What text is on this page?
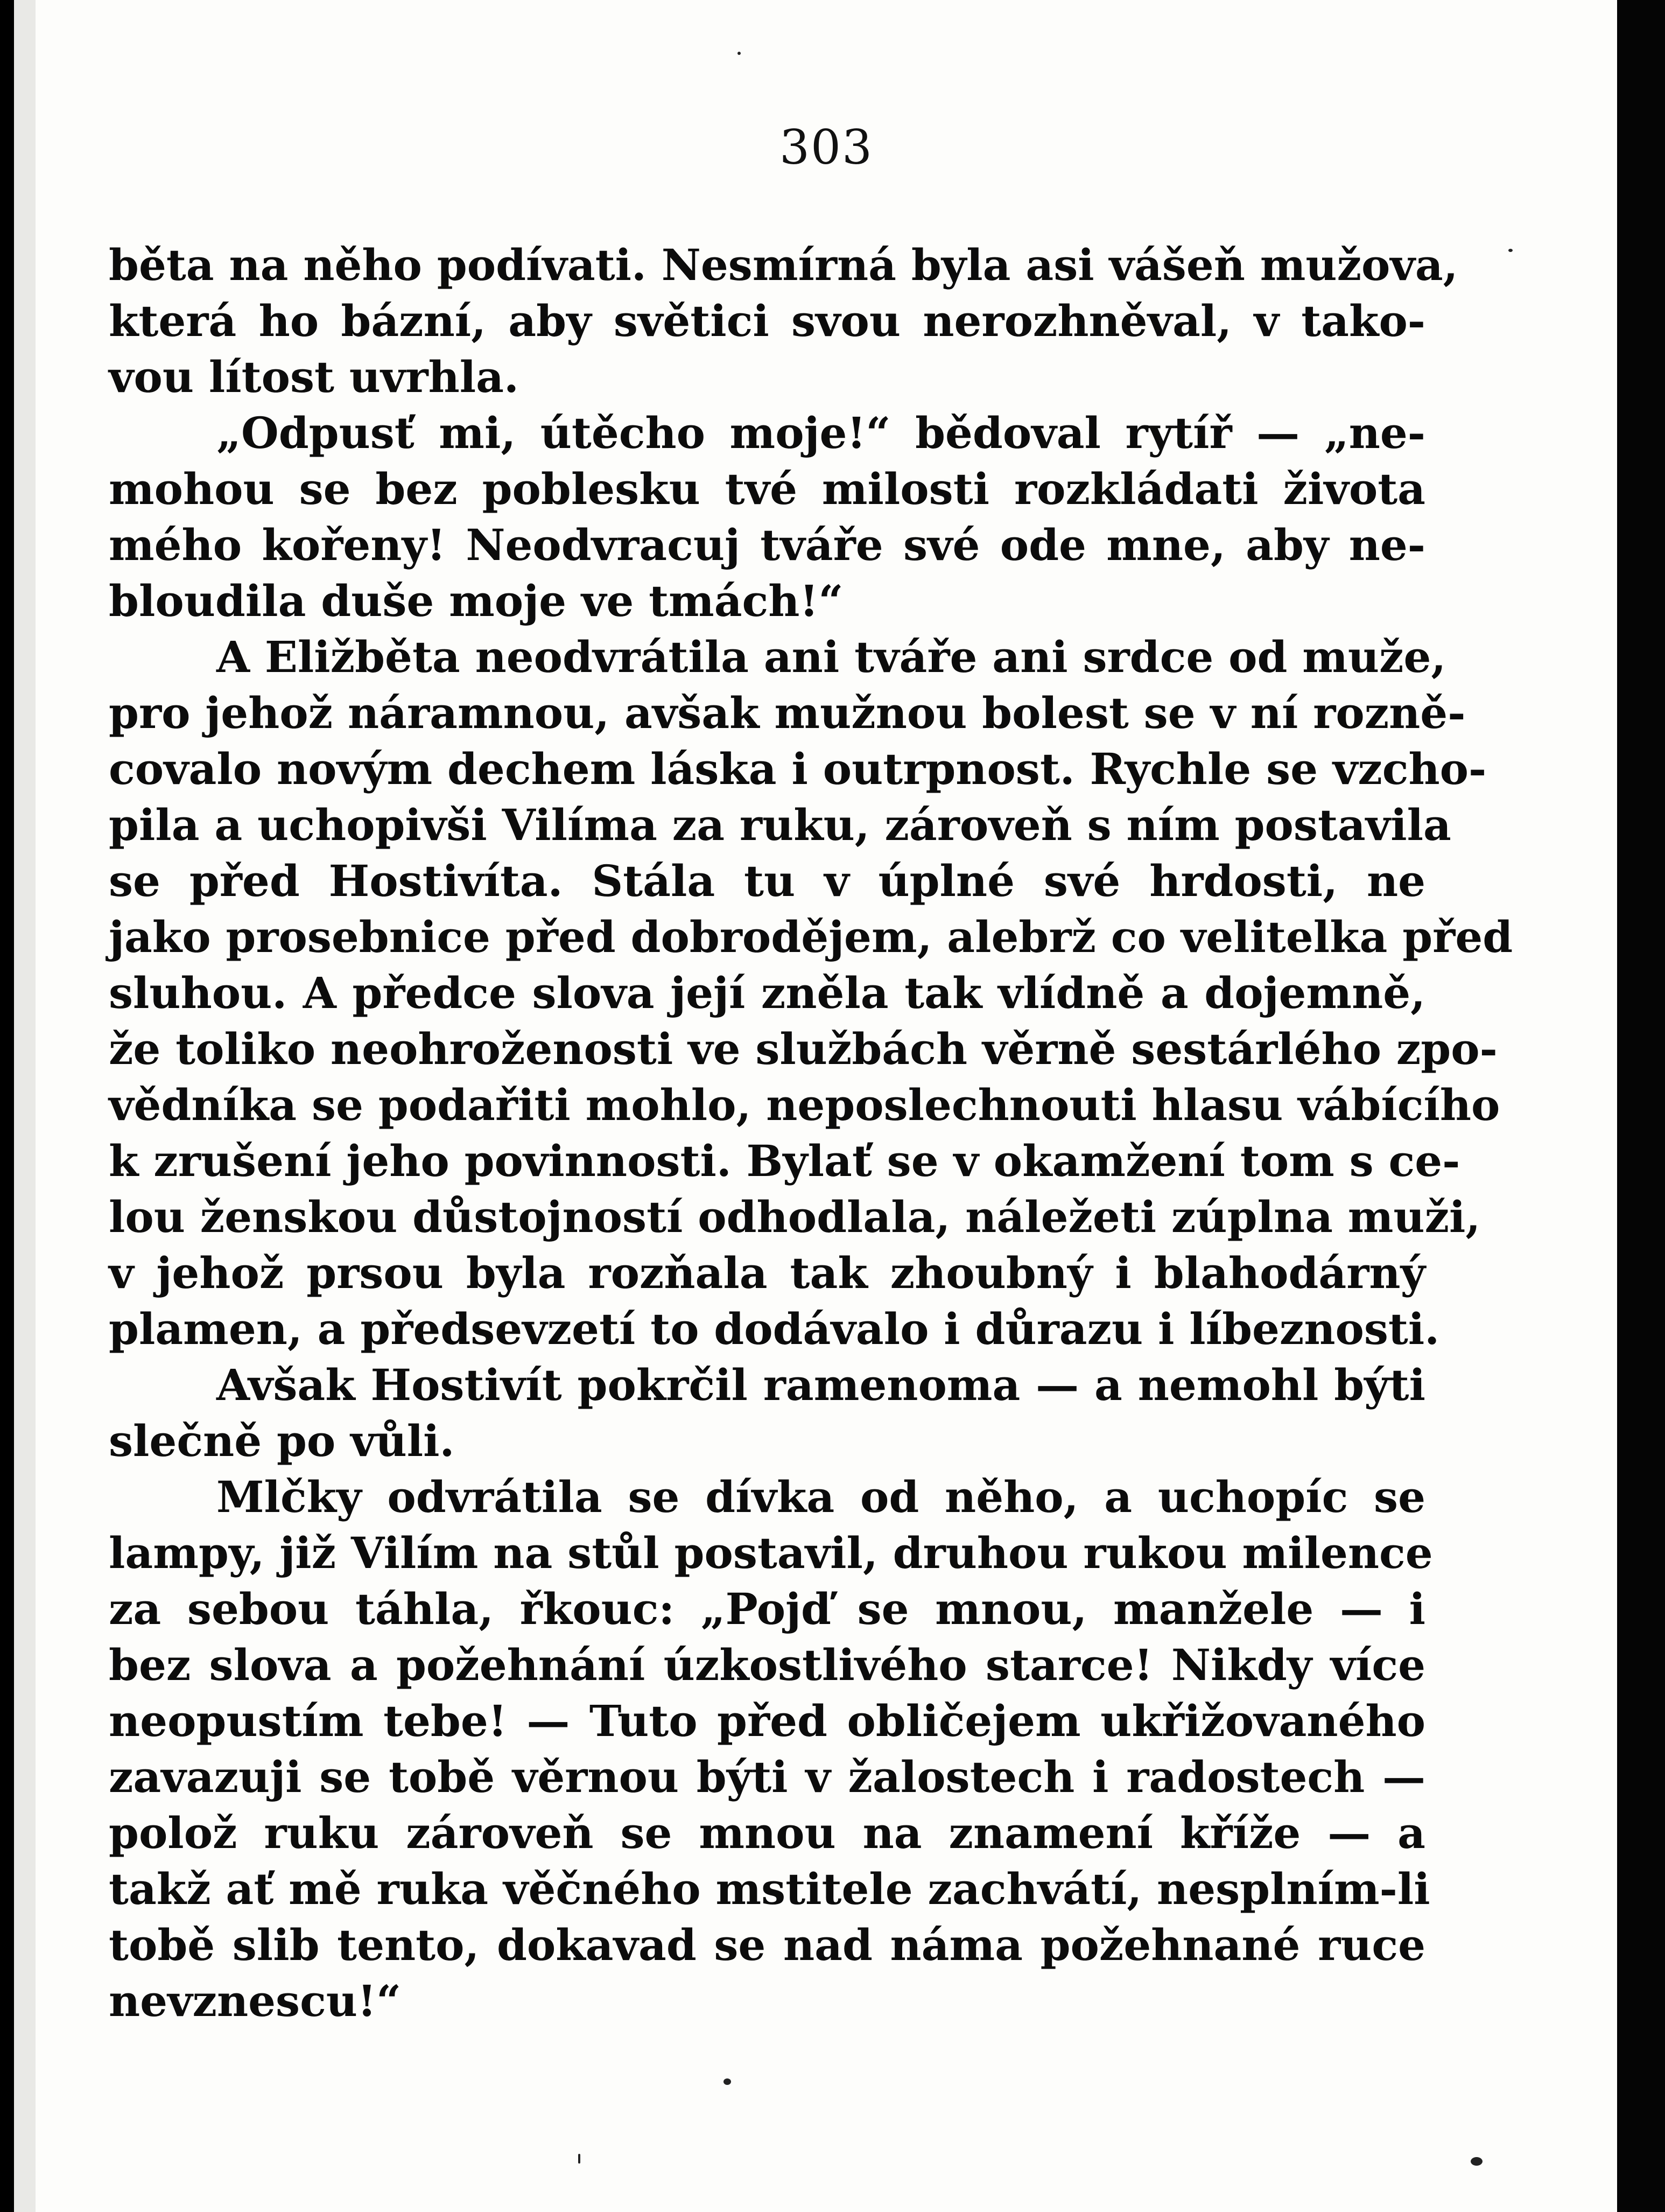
303
běta na něho podívati. Nesmírná byla asi vášeň mužova,
která ho bázní, aby světici svou nerozhněval, v tako-
vou lítost uvrhla.
„Odpusť mi, útěcho moje!“ bědoval rytíř — „ne-
mohou se bez poblesku tvé milosti rozkládati života
mého kořeny! Neodvracuj tváře své ode mne, aby ne-
bloudila duše moje ve tmách!“
A Eližběta neodvrátila ani tváře ani srdce od muže,
pro jehož náramnou, avšak mužnou bolest se v ní rozně-
covalo novým dechem láska i outrpnost. Rychle se vzcho-
pila a uchopivši Vilíma za ruku, zároveň s ním postavila
se před Hostivíta. Stála tu v úplné své hrdosti, ne
jako prosebnice před dobrodějem, alebrž co velitelka před
sluhou. A předce slova její zněla tak vlídně a dojemně,
že toliko neohroženosti ve službách věrně sestárlého zpo-
vědníka se podařiti mohlo, neposlechnouti hlasu vábícího
k zrušení jeho povinnosti. Bylať se v okamžení tom s ce-
lou ženskou důstojností odhodlala, náležeti zúplna muži,
v jehož prsou byla rozňala tak zhoubný i blahodárný
plamen, a předsevzetí to dodávalo i důrazu i líbeznosti.
Avšak Hostivít pokrčil ramenoma — a nemohl býti
slečně po vůli.
Mlčky odvrátila se dívka od něho, a uchopíc se
lampy, již Vilím na stůl postavil, druhou rukou milence
za sebou táhla, řkouc: „Pojď se mnou, manžele — i
bez slova a požehnání úzkostlivého starce! Nikdy více
neopustím tebe! — Tuto před obličejem ukřižovaného
zavazuji se tobě věrnou býti v žalostech i radostech —
polož ruku zároveň se mnou na znamení kříže — a
takž ať mě ruka věčného mstitele zachvátí, nesplním-li
tobě slib tento, dokavad se nad náma požehnané ruce
nevznescu!“
